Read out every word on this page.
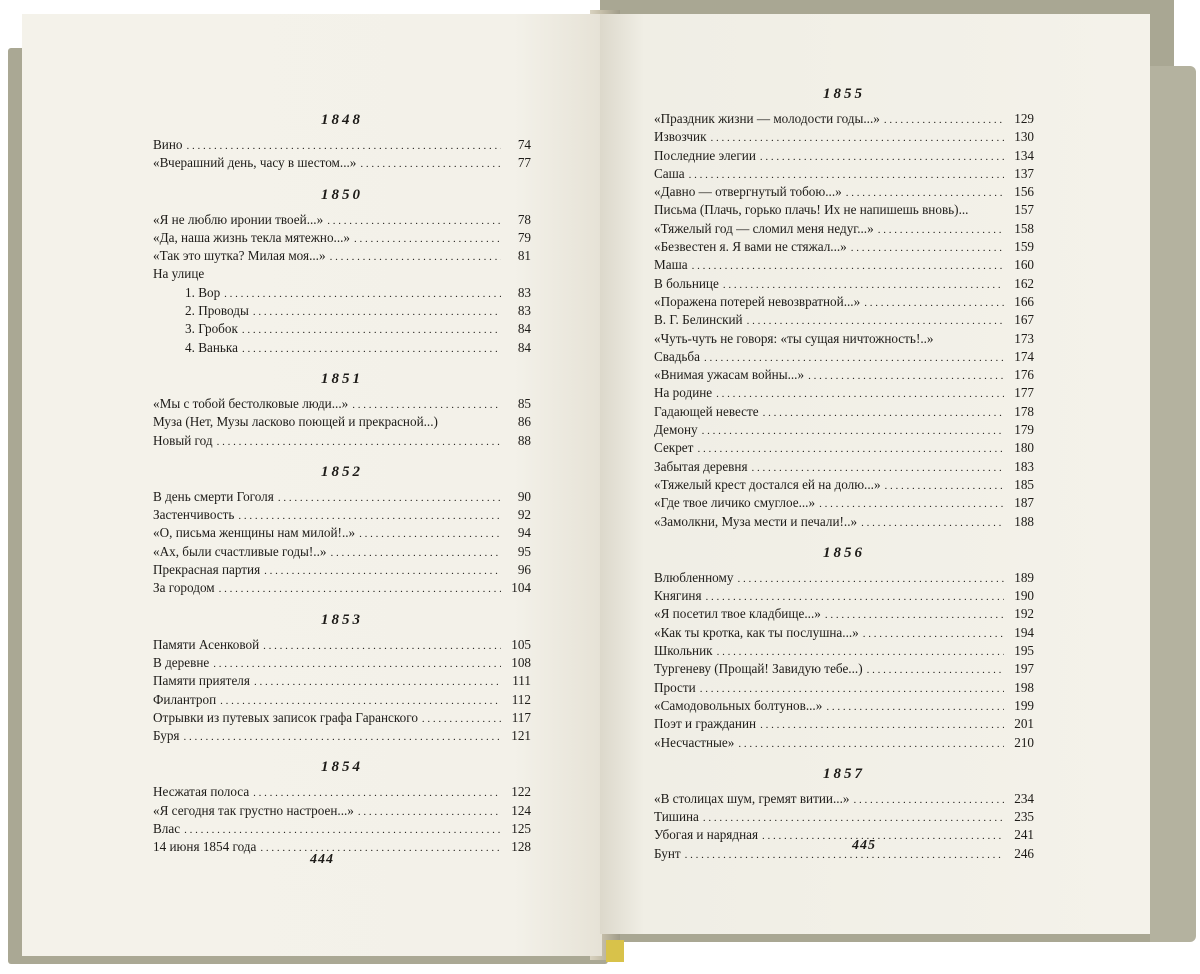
1848
Вино . . .	74
«Вчерашний день, часу в шестом...» . . .	77
1850
«Я не люблю иронии твоей...» . . .	78
«Да, наша жизнь текла мятежно...» . . .	79
«Так это шутка? Милая моя...» . . .	81
На улице
1. Вор . . .	83
2. Проводы . . .	83
3. Гробок . . .	84
4. Ванька . . .	84
1851
«Мы с тобой бестолковые люди...» . . .	85
Муза (Нет, Музы ласково поющей и прекрасной...)	86
Новый год . . .	88
1852
В день смерти Гоголя . . .	90
Застенчивость . . .	92
«О, письма женщины нам милой!..» . . .	94
«Ах, были счастливые годы!..» . . .	95
Прекрасная партия . . .	96
За городом . . .	104
1853
Памяти Асенковой . . .	105
В деревне . . .	108
Памяти приятеля . . .	111
Филантроп . . .	112
Отрывки из путевых записок графа Гаранского . . .	117
Буря . . .	121
1854
Несжатая полоса . . .	122
«Я сегодня так грустно настроен...» . . .	124
Влас . . .	125
14 июня 1854 года . . .	128
1855
«Праздник жизни — молодости годы...» . . .	129
Извозчик . . .	130
Последние элегии . . .	134
Саша . . .	137
«Давно — отвергнутый тобою...» . . .	156
Письма (Плачь, горько плачь! Их не напишешь вновь)...	157
«Тяжелый год — сломил меня недуг...» . . .	158
«Безвестен я. Я вами не стяжал...» . . .	159
Маша . . .	160
В больнице . . .	162
«Поражена потерей невозвратной...» . . .	166
В. Г. Белинский . . .	167
«Чуть-чуть не говоря: «ты сущая ничтожность!..»	173
Свадьба . . .	174
«Внимая ужасам войны...» . . .	176
На родине . . .	177
Гадающей невесте . . .	178
Демону . . .	179
Секрет . . .	180
Забытая деревня . . .	183
«Тяжелый крест достался ей на долю...» . . .	185
«Где твое личико смуглое...» . . .	187
«Замолкни, Муза мести и печали!..» . . .	188
1856
Влюбленному . . .	189
Княгиня . . .	190
«Я посетил твое кладбище...» . . .	192
«Как ты кротка, как ты послушна...» . . .	194
Школьник . . .	195
Тургеневу (Прощай! Завидую тебе...) . . .	197
Прости . . .	198
«Самодовольных болтунов...» . . .	199
Поэт и гражданин . . .	201
«Несчастные» . . .	210
1857
«В столицах шум, гремят витии...» . . .	234
Тишина . . .	235
Убогая и нарядная . . .	241
Бунт . . .	246
444
445
